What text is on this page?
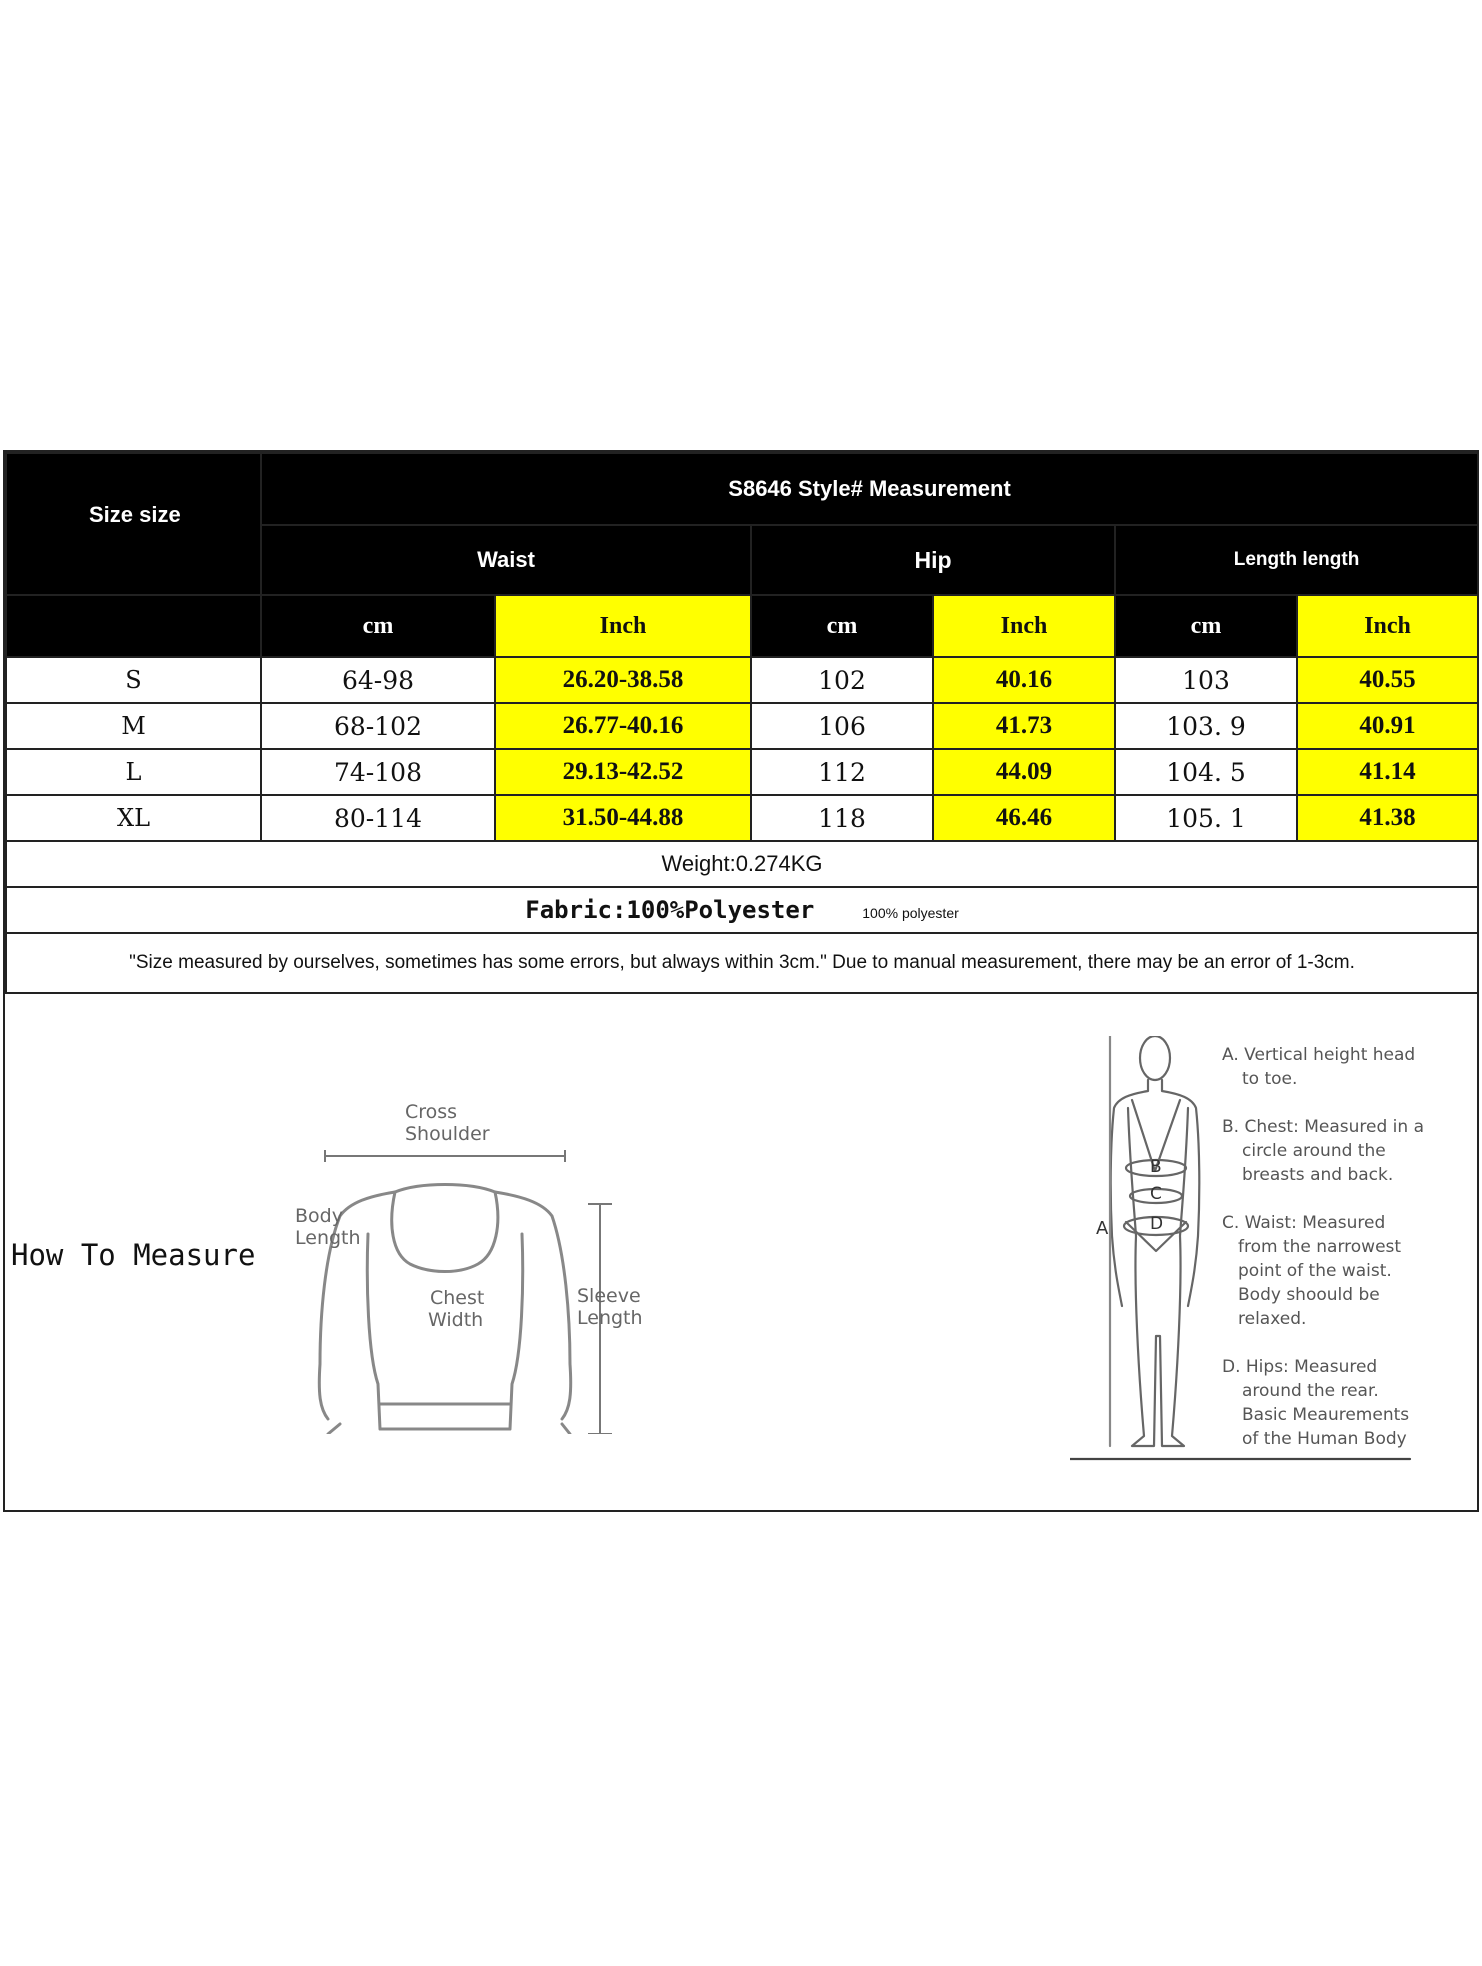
Size size	S8646 Style# Measurement					
	Waist		Hip		Length length	
	cm	Inch	cm	Inch	cm	Inch
S	64-98	26.20-38.58	102	40.16	103	40.55
M	68-102	26.77-40.16	106	41.73	103. 9	40.91
L	74-108	29.13-42.52	112	44.09	104. 5	41.14
XL	80-114	31.50-44.88	118	46.46	105. 1	41.38
Weight:0.274KG						
Fabric:100%Polyester 100% polyester						
"Size measured by ourselves, sometimes has some errors, but always within 3cm." Due to manual measurement, there may be an error of 1-3cm.						
How To Measure
Cross
Shoulder
Chest
Width
Body
Length
Sleeve
Length
B
C
D
A
A. Vertical height head
to toe.
B. Chest: Measured in a
circle around the
breasts and back.
C. Waist: Measured
from the narrowest
point of the waist.
Body shoould be
relaxed.
D. Hips: Measured
around the rear.
Basic Meaurements
of the Human Body
